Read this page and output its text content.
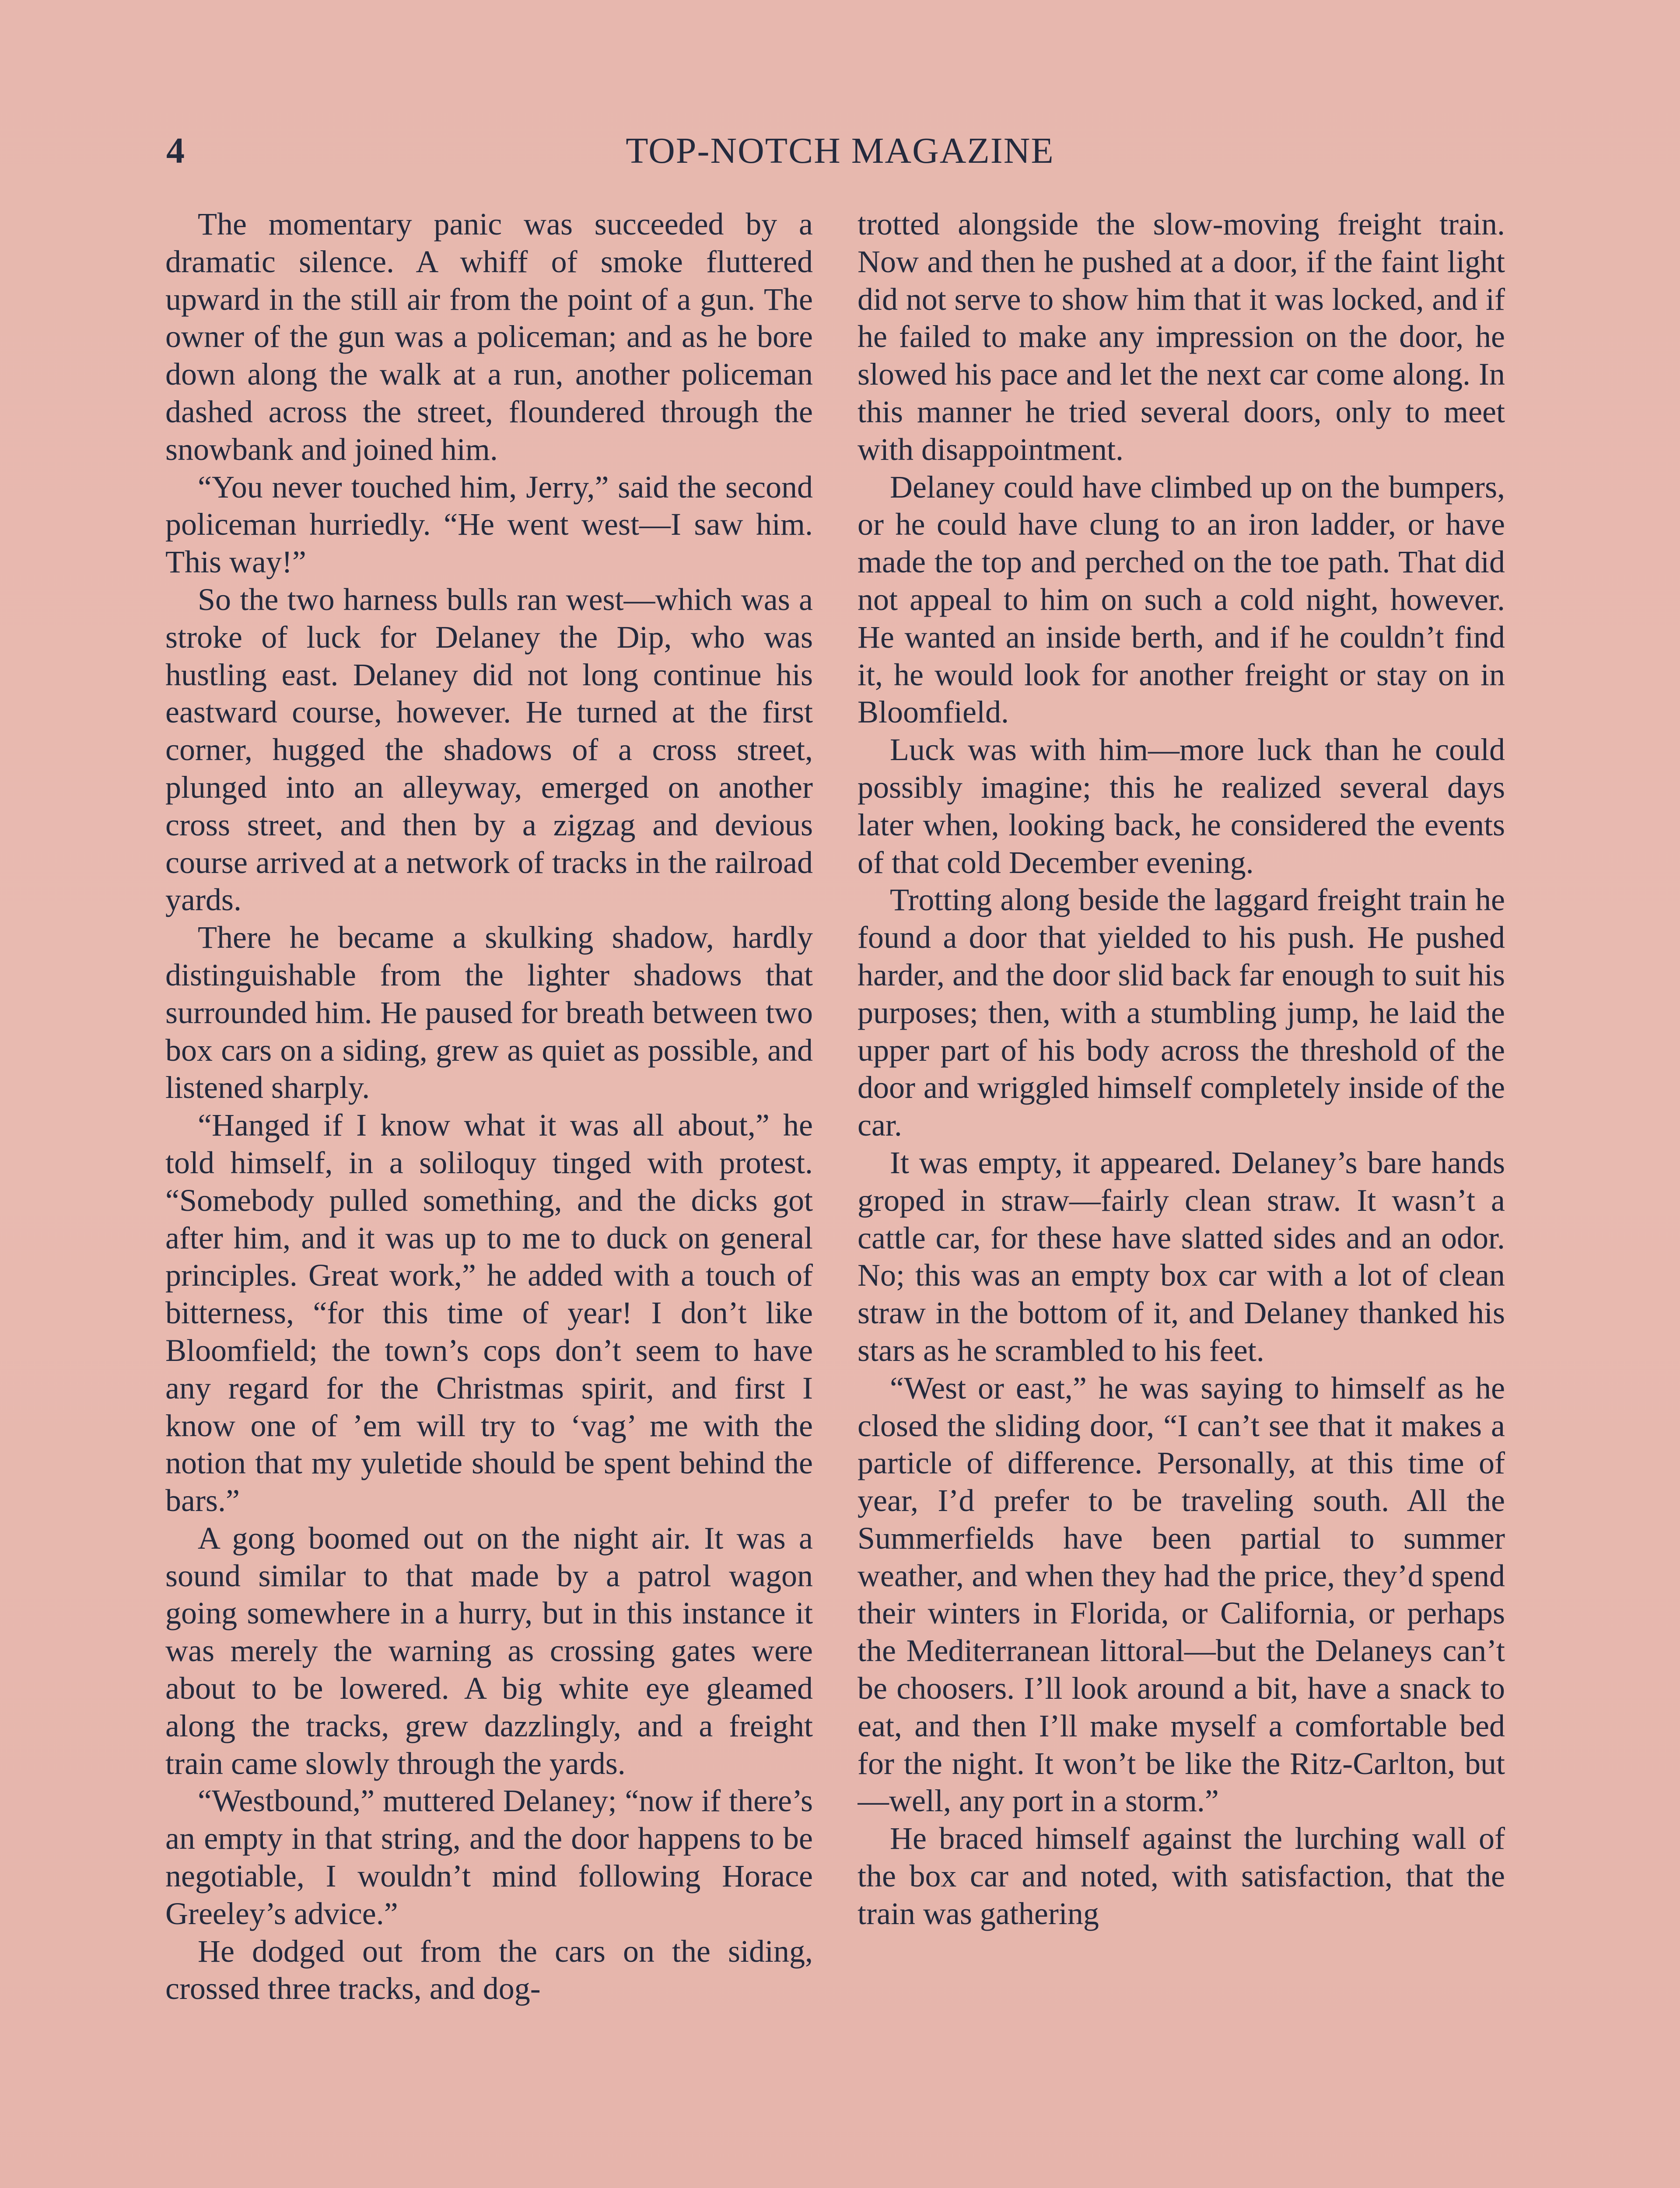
4	TOP-NOTCH MAGAZINE

The momentary panic was succeeded by a dramatic silence. A whiff of smoke fluttered upward in the still air from the point of a gun. The owner of the gun was a policeman; and as he bore down along the walk at a run, another policeman dashed across the street, floundered through the snowbank and joined him.

“You never touched him, Jerry,” said the second policeman hurriedly. “He went west—I saw him. This way!”

So the two harness bulls ran west—which was a stroke of luck for Delaney the Dip, who was hustling east. Delaney did not long continue his eastward course, however. He turned at the first corner, hugged the shadows of a cross street, plunged into an alleyway, emerged on another cross street, and then by a zigzag and devious course arrived at a network of tracks in the railroad yards.

There he became a skulking shadow, hardly distinguishable from the lighter shadows that surrounded him. He paused for breath between two box cars on a siding, grew as quiet as possible, and listened sharply.

“Hanged if I know what it was all about,” he told himself, in a soliloquy tinged with protest. “Somebody pulled something, and the dicks got after him, and it was up to me to duck on general principles. Great work,” he added with a touch of bitterness, “for this time of year! I don’t like Bloomfield; the town’s cops don’t seem to have any regard for the Christmas spirit, and first I know one of ’em will try to ‘vag’ me with the notion that my yuletide should be spent behind the bars.”

A gong boomed out on the night air. It was a sound similar to that made by a patrol wagon going somewhere in a hurry, but in this instance it was merely the warning as crossing gates were about to be lowered. A big white eye gleamed along the tracks, grew dazzlingly, and a freight train came slowly through the yards.

“Westbound,” muttered Delaney; “now if there’s an empty in that string, and the door happens to be negotiable, I wouldn’t mind following Horace Greeley’s advice.”

He dodged out from the cars on the siding, crossed three tracks, and dog-

trotted alongside the slow-moving freight train. Now and then he pushed at a door, if the faint light did not serve to show him that it was locked, and if he failed to make any impression on the door, he slowed his pace and let the next car come along. In this manner he tried several doors, only to meet with disappointment.

Delaney could have climbed up on the bumpers, or he could have clung to an iron ladder, or have made the top and perched on the toe path. That did not appeal to him on such a cold night, however. He wanted an inside berth, and if he couldn’t find it, he would look for another freight or stay on in Bloomfield.

Luck was with him—more luck than he could possibly imagine; this he realized several days later when, looking back, he considered the events of that cold December evening.

Trotting along beside the laggard freight train he found a door that yielded to his push. He pushed harder, and the door slid back far enough to suit his purposes; then, with a stumbling jump, he laid the upper part of his body across the threshold of the door and wriggled himself completely inside of the car.

It was empty, it appeared. Delaney’s bare hands groped in straw—fairly clean straw. It wasn’t a cattle car, for these have slatted sides and an odor. No; this was an empty box car with a lot of clean straw in the bottom of it, and Delaney thanked his stars as he scrambled to his feet.

“West or east,” he was saying to himself as he closed the sliding door, “I can’t see that it makes a particle of difference. Personally, at this time of year, I’d prefer to be traveling south. All the Summerfields have been partial to summer weather, and when they had the price, they’d spend their winters in Florida, or California, or perhaps the Mediterranean littoral—but the Delaneys can’t be choosers. I’ll look around a bit, have a snack to eat, and then I’ll make myself a comfortable bed for the night. It won’t be like the Ritz-Carlton, but—well, any port in a storm.”

He braced himself against the lurching wall of the box car and noted, with satisfaction, that the train was gathering
